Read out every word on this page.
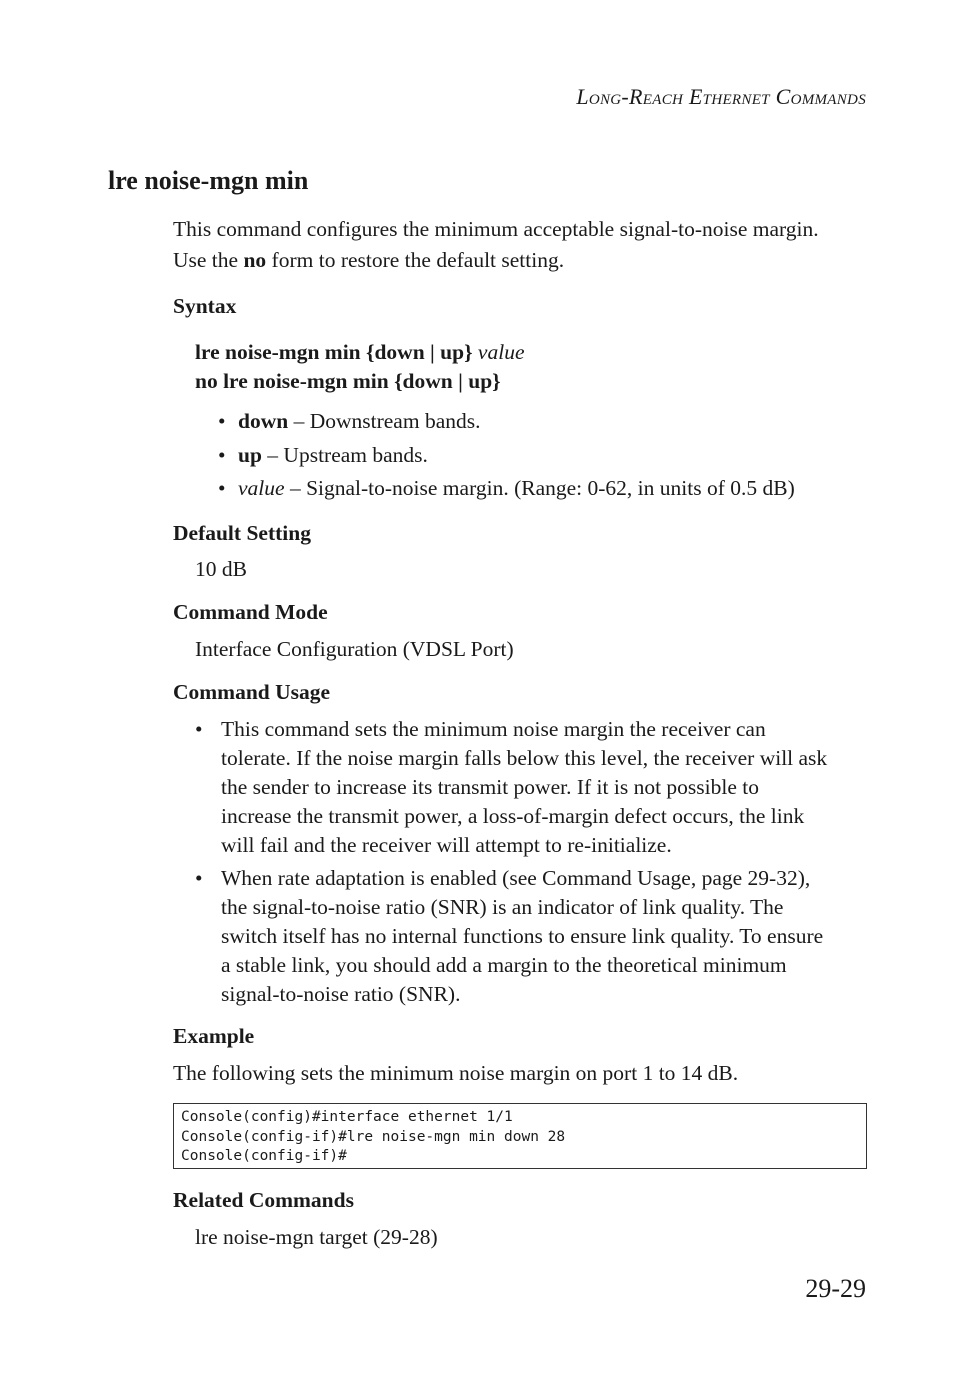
Long-Reach Ethernet Commands
lre noise-mgn min
This command configures the minimum acceptable signal-to-noise margin.
Use the no form to restore the default setting.
Syntax
lre noise-mgn min {down | up} value
no lre noise-mgn min {down | up}
• down – Downstream bands.
• up – Upstream bands.
• value – Signal-to-noise margin. (Range: 0-62, in units of 0.5 dB)
Default Setting
10 dB
Command Mode
Interface Configuration (VDSL Port)
Command Usage
• This command sets the minimum noise margin the receiver can
tolerate. If the noise margin falls below this level, the receiver will ask
the sender to increase its transmit power. If it is not possible to
increase the transmit power, a loss-of-margin defect occurs, the link
will fail and the receiver will attempt to re-initialize.
• When rate adaptation is enabled (see Command Usage, page 29-32),
the signal-to-noise ratio (SNR) is an indicator of link quality. The
switch itself has no internal functions to ensure link quality. To ensure
a stable link, you should add a margin to the theoretical minimum
signal-to-noise ratio (SNR).
Example
The following sets the minimum noise margin on port 1 to 14 dB.
Console(config)#interface ethernet 1/1
Console(config-if)#lre noise-mgn min down 28
Console(config-if)#
Related Commands
lre noise-mgn target (29-28)
29-29
